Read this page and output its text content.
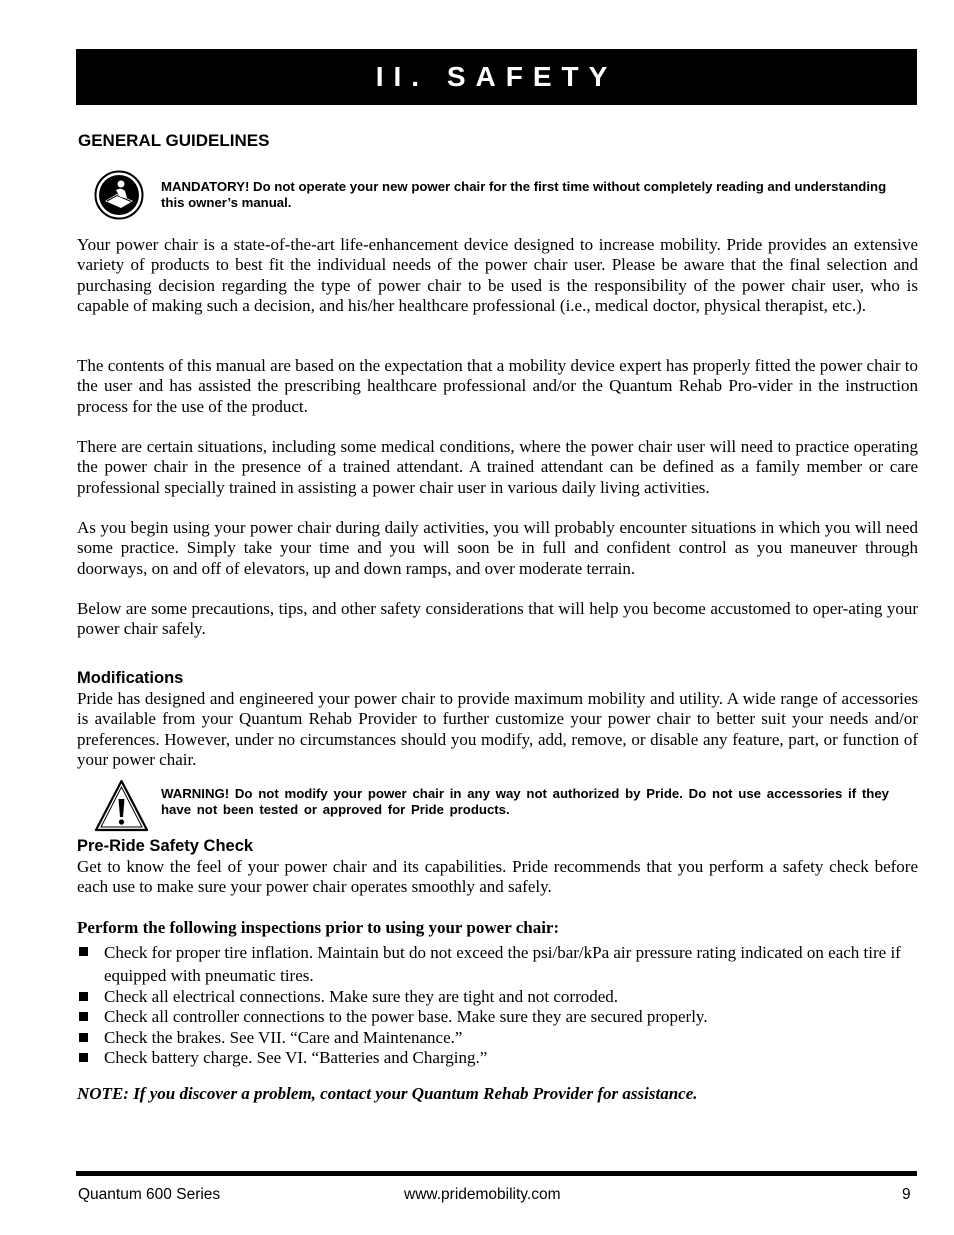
II. SAFETY
GENERAL GUIDELINES
MANDATORY! Do not operate your new power chair for the first time without completely reading and understanding this owner’s manual.

Your power chair is a state-of-the-art life-enhancement device designed to increase mobility. Pride provides an extensive variety of products to best fit the individual needs of the power chair user. Please be aware that the final selection and purchasing decision regarding the type of power chair to be used is the responsibility of the power chair user, who is capable of making such a decision, and his/her healthcare professional (i.e., medical doctor, physical therapist, etc.).

The contents of this manual are based on the expectation that a mobility device expert has properly fitted the power chair to the user and has assisted the prescribing healthcare professional and/or the Quantum Rehab Pro-vider in the instruction process for the use of the product.

There are certain situations, including some medical conditions, where the power chair user will need to practice operating the power chair in the presence of a trained attendant. A trained attendant can be defined as a family member or care professional specially trained in assisting a power chair user in various daily living activities.

As you begin using your power chair during daily activities, you will probably encounter situations in which you will need some practice. Simply take your time and you will soon be in full and confident control as you maneuver through doorways, on and off of elevators, up and down ramps, and over moderate terrain.

Below are some precautions, tips, and other safety considerations that will help you become accustomed to oper-ating your power chair safely.

Modifications

Pride has designed and engineered your power chair to provide maximum mobility and utility. A wide range of accessories is available from your Quantum Rehab Provider to further customize your power chair to better suit your needs and/or preferences. However, under no circumstances should you modify, add, remove, or disable any feature, part, or function of your power chair.

WARNING! Do not modify your power chair in any way not authorized by Pride. Do not use accessories if they have not been tested or approved for Pride products.
Pre-Ride Safety Check

Get to know the feel of your power chair and its capabilities. Pride recommends that you perform a safety check before each use to make sure your power chair operates smoothly and safely.

Perform the following inspections prior to using your power chair:
Check for proper tire inflation. Maintain but do not exceed the psi/bar/kPa air pressure rating indicated on each tire if equipped with pneumatic tires.
Check all electrical connections. Make sure they are tight and not corroded.
Check all controller connections to the power base. Make sure they are secured properly.
Check the brakes. See VII. “Care and Maintenance.”
Check battery charge. See VI. “Batteries and Charging.”
NOTE: If you discover a problem, contact your Quantum Rehab Provider for assistance.
Quantum 600 Series	www.pridemobility.com	9
